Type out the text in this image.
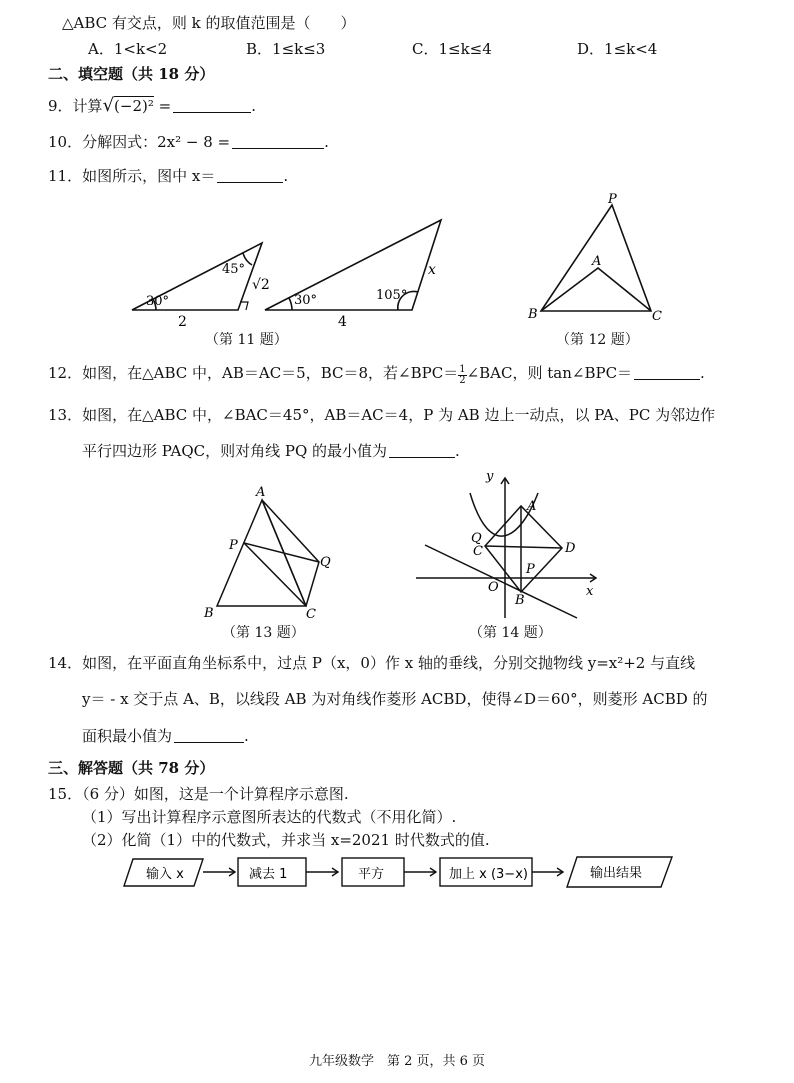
△ABC 有交点，则 k 的取值范围是（　　）
A．1<k<2	B．1≤k≤3	C．1≤k≤4	D．1≤k<4
二、填空题（共 18 分）
9．计算√(−2)² =	.
10．分解因式：2x² − 8 =	.
11．如图所示，图中 x＝	.
30°
45°
√2
2
30°	105°
x
4
P
A
B	C
（第 11 题）	（第 12 题）
12．如图，在△ABC 中，AB＝AC＝5，BC＝8，若∠BPC＝ $\frac{1}{2}$ ∠BAC，则 tan∠BPC＝	.
13．如图，在△ABC 中，∠BAC＝45°，AB＝AC＝4，P 为 AB 边上一动点，以 PA、PC 为邻边作
平行四边形 PAQC，则对角线 PQ 的最小值为	.
A
P
Q
B	C
y
x
O
A
B
C	D
P
Q
输入 x	减去 1	平方	加上 x (3−x)	输出结果
（第 13 题）	（第 14 题）
14．如图，在平面直角坐标系中，过点 P（x，0）作 x 轴的垂线，分别交抛物线 y=x²+2 与直线
y＝ - x 交于点 A、B，以线段 AB 为对角线作菱形 ACBD，使得∠D＝60°，则菱形 ACBD 的
面积最小值为	.
三、解答题（共 78 分）
15．（6 分）如图，这是一个计算程序示意图.
（1）写出计算程序示意图所表达的代数式（不用化简）.
（2）化简（1）中的代数式，并求当 x=2021 时代数式的值.
九年级数学　第 2 页，共 6 页
